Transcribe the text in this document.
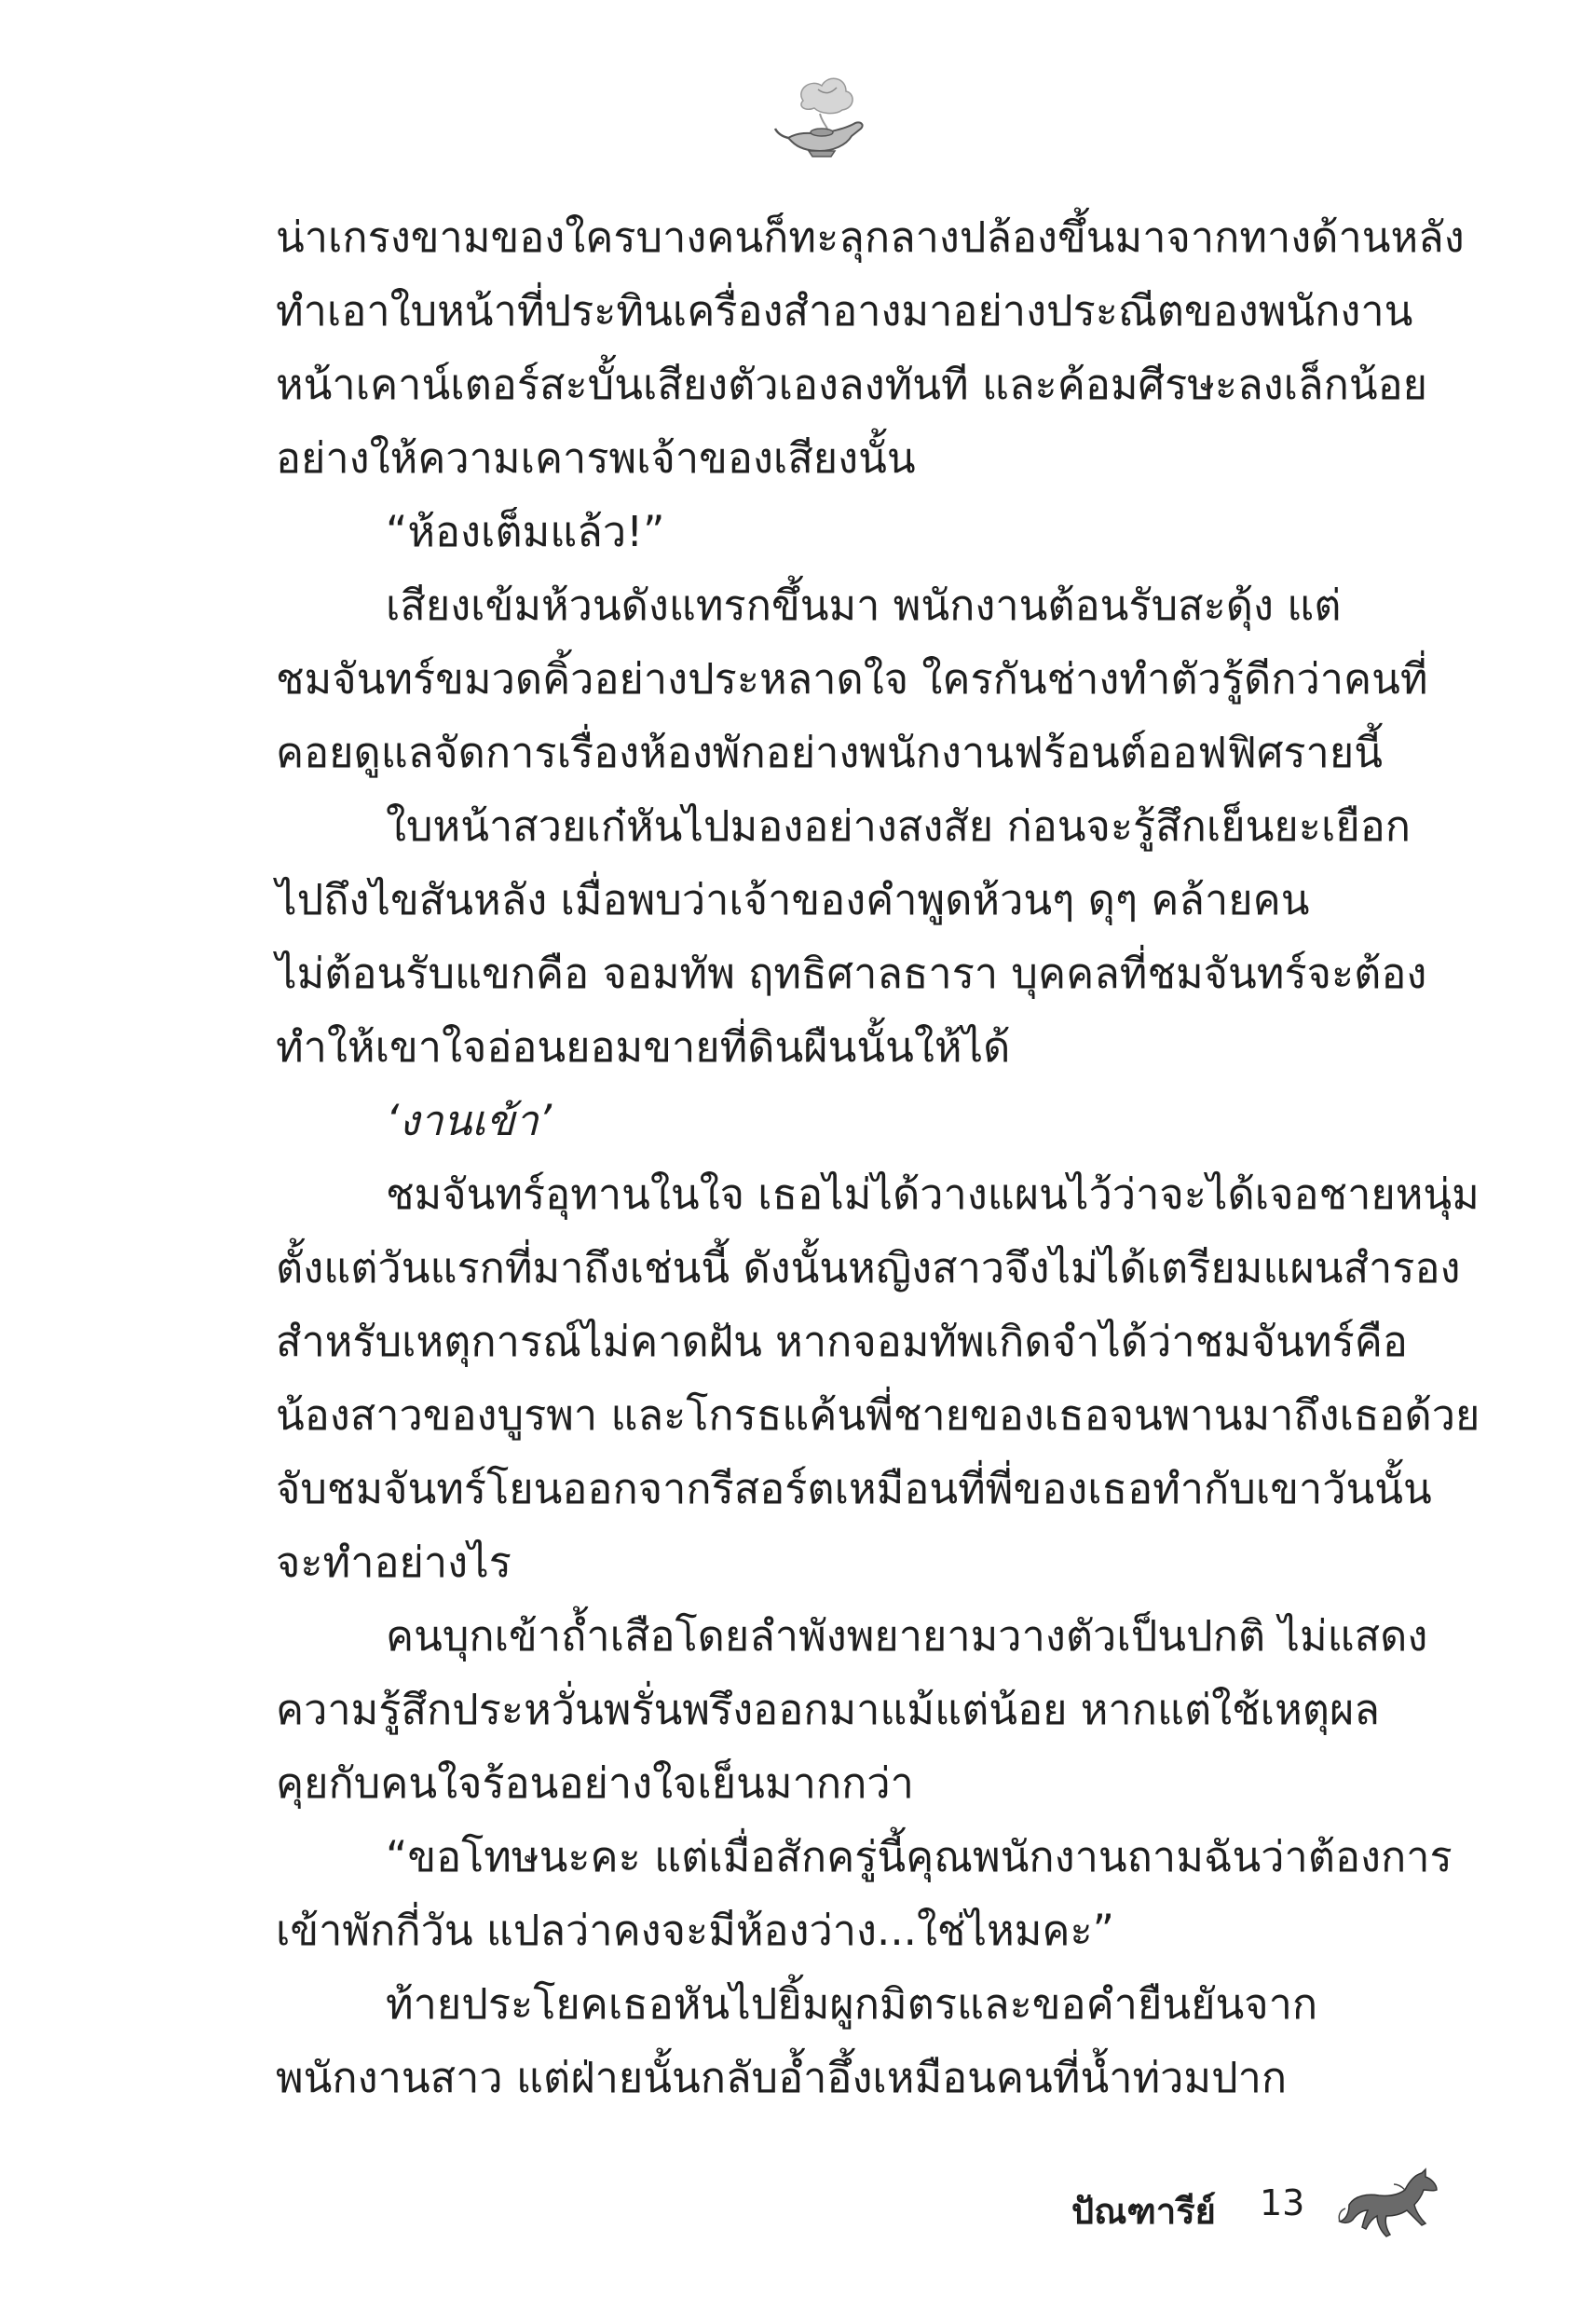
น่าเกรงขามของใครบางคนก็ทะลุกลางปล้องขึ้นมาจากทางด้านหลัง
ทำเอาใบหน้าที่ประทินเครื่องสำอางมาอย่างประณีตของพนักงาน
หน้าเคาน์เตอร์สะบั้นเสียงตัวเองลงทันที และค้อมศีรษะลงเล็กน้อย
อย่างให้ความเคารพเจ้าของเสียงนั้น
“ห้องเต็มแล้ว!”
เสียงเข้มห้วนดังแทรกขึ้นมา พนักงานต้อนรับสะดุ้ง แต่
ชมจันทร์ขมวดคิ้วอย่างประหลาดใจ ใครกันช่างทำตัวรู้ดีกว่าคนที่
คอยดูแลจัดการเรื่องห้องพักอย่างพนักงานฟร้อนต์ออฟฟิศรายนี้
ใบหน้าสวยเก๋หันไปมองอย่างสงสัย ก่อนจะรู้สึกเย็นยะเยือก
ไปถึงไขสันหลัง เมื่อพบว่าเจ้าของคำพูดห้วนๆ ดุๆ คล้ายคน
ไม่ต้อนรับแขกคือ จอมทัพ ฤทธิศาลธารา บุคคลที่ชมจันทร์จะต้อง
ทำให้เขาใจอ่อนยอมขายที่ดินผืนนั้นให้ได้
‘งานเข้า’
ชมจันทร์อุทานในใจ เธอไม่ได้วางแผนไว้ว่าจะได้เจอชายหนุ่ม
ตั้งแต่วันแรกที่มาถึงเช่นนี้ ดังนั้นหญิงสาวจึงไม่ได้เตรียมแผนสำรอง
สำหรับเหตุการณ์ไม่คาดฝัน หากจอมทัพเกิดจำได้ว่าชมจันทร์คือ
น้องสาวของบูรพา และโกรธแค้นพี่ชายของเธอจนพานมาถึงเธอด้วย
จับชมจันทร์โยนออกจากรีสอร์ตเหมือนที่พี่ของเธอทำกับเขาวันนั้น
จะทำอย่างไร
คนบุกเข้าถ้ำเสือโดยลำพังพยายามวางตัวเป็นปกติ ไม่แสดง
ความรู้สึกประหวั่นพรั่นพรึงออกมาแม้แต่น้อย หากแต่ใช้เหตุผล
คุยกับคนใจร้อนอย่างใจเย็นมากกว่า
“ขอโทษนะคะ แต่เมื่อสักครู่นี้คุณพนักงานถามฉันว่าต้องการ
เข้าพักกี่วัน แปลว่าคงจะมีห้องว่าง...ใช่ไหมคะ”
ท้ายประโยคเธอหันไปยิ้มผูกมิตรและขอคำยืนยันจาก
พนักงานสาว แต่ฝ่ายนั้นกลับอ้ำอึ้งเหมือนคนที่น้ำท่วมปาก
ปัณฑารีย์ 13
